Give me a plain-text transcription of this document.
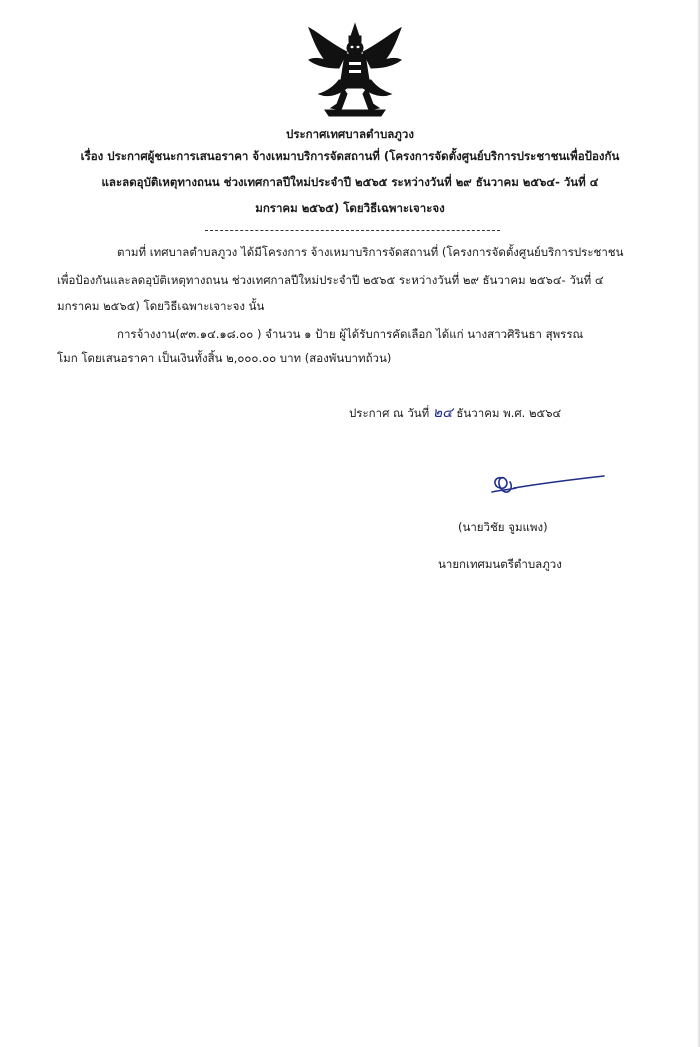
ประกาศเทศบาลตำบลภูวง
เรื่อง ประกาศผู้ชนะการเสนอราคา จ้างเหมาบริการจัดสถานที่ (โครงการจัดตั้งศูนย์บริการประชาชนเพื่อป้องกัน
และลดอุบัติเหตุทางถนน ช่วงเทศกาลปีใหม่ประจำปี ๒๕๖๕ ระหว่างวันที่ ๒๙ ธันวาคม ๒๕๖๔- วันที่ ๔
มกราคม ๒๕๖๕) โดยวิธีเฉพาะเจาะจง
ตามที่ เทศบาลตำบลภูวง ได้มีโครงการ จ้างเหมาบริการจัดสถานที่ (โครงการจัดตั้งศูนย์บริการประชาชน
เพื่อป้องกันและลดอุบัติเหตุทางถนน ช่วงเทศกาลปีใหม่ประจำปี ๒๕๖๕ ระหว่างวันที่ ๒๙ ธันวาคม ๒๕๖๔- วันที่ ๔
มกราคม ๒๕๖๕) โดยวิธีเฉพาะเจาะจง นั้น
การจ้างงาน(๙๓.๑๔.๑๘.๐๐ ) จำนวน ๑ ป้าย ผู้ได้รับการคัดเลือก ได้แก่ นางสาวศิรินธา สุพรรณ
โมก โดยเสนอราคา เป็นเงินทั้งสิ้น ๒,๐๐๐.๐๐ บาท (สองพันบาทถ้วน)
ประกาศ ณ วันที่ ๒๔ ธันวาคม พ.ศ. ๒๕๖๔
(นายวิชัย จูมแพง)
นายกเทศมนตรีตำบลภูวง
